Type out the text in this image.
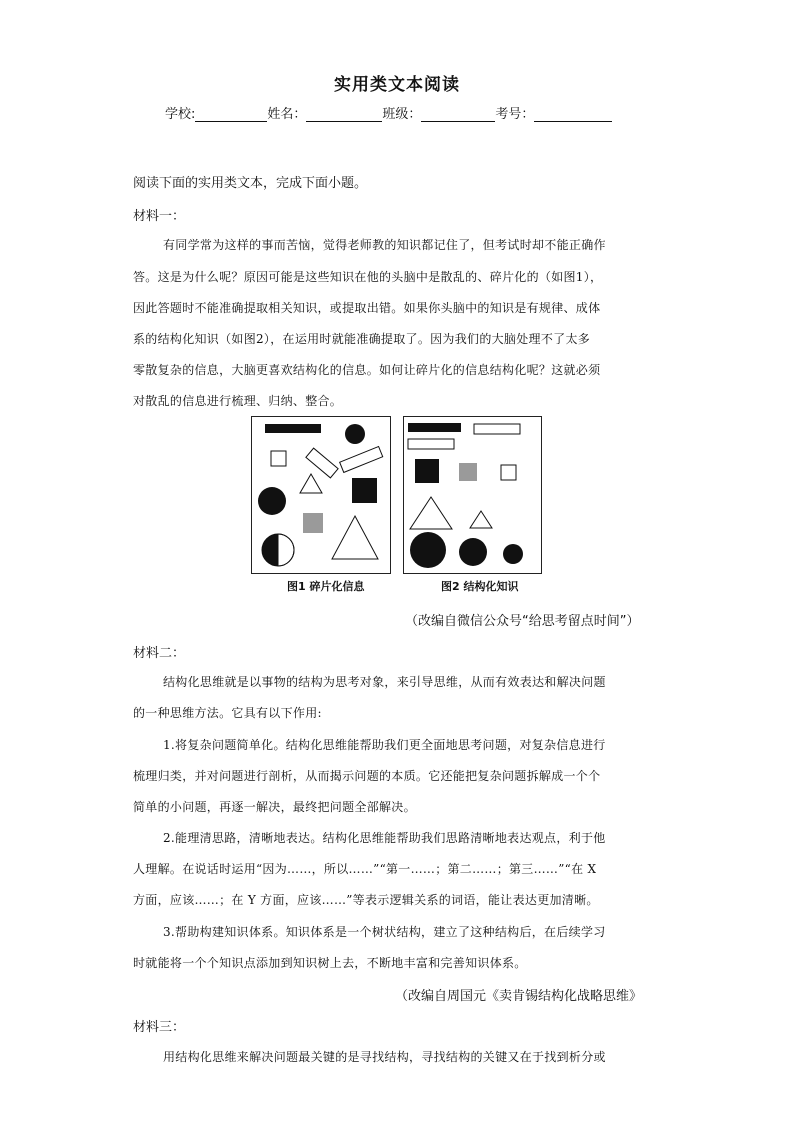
实用类文本阅读
学校:	姓名：	班级：	考号：
阅读下面的实用类文本，完成下面小题。
材料一：
有同学常为这样的事而苦恼，觉得老师教的知识都记住了，但考试时却不能正确作
答。这是为什么呢？原因可能是这些知识在他的头脑中是散乱的、碎片化的（如图1），
因此答题时不能准确提取相关知识，或提取出错。如果你头脑中的知识是有规律、成体
系的结构化知识（如图2），在运用时就能准确提取了。因为我们的大脑处理不了太多
零散复杂的信息，大脑更喜欢结构化的信息。如何让碎片化的信息结构化呢？这就必须
对散乱的信息进行梳理、归纳、整合。
图1 碎片化信息	图2 结构化知识
（改编自微信公众号“给思考留点时间”）
材料二：
结构化思维就是以事物的结构为思考对象，来引导思维，从而有效表达和解决问题
的一种思维方法。它具有以下作用:
1.将复杂问题简单化。结构化思维能帮助我们更全面地思考问题，对复杂信息进行
梳理归类，并对问题进行剖析，从而揭示问题的本质。它还能把复杂问题拆解成一个个
简单的小问题，再逐一解决，最终把问题全部解决。
2.能理清思路，清晰地表达。结构化思维能帮助我们思路清晰地表达观点，利于他
人理解。在说话时运用“因为……，所以……”“第一……；第二……；第三……”“在 X
方面，应该……；在 Y 方面，应该……”等表示逻辑关系的词语，能让表达更加清晰。
3.帮助构建知识体系。知识体系是一个树状结构，建立了这种结构后，在后续学习
时就能将一个个知识点添加到知识树上去，不断地丰富和完善知识体系。
（改编自周国元《卖肯锡结构化战略思维》
材料三：
用结构化思维来解决问题最关键的是寻找结构，寻找结构的关键又在于找到析分或
